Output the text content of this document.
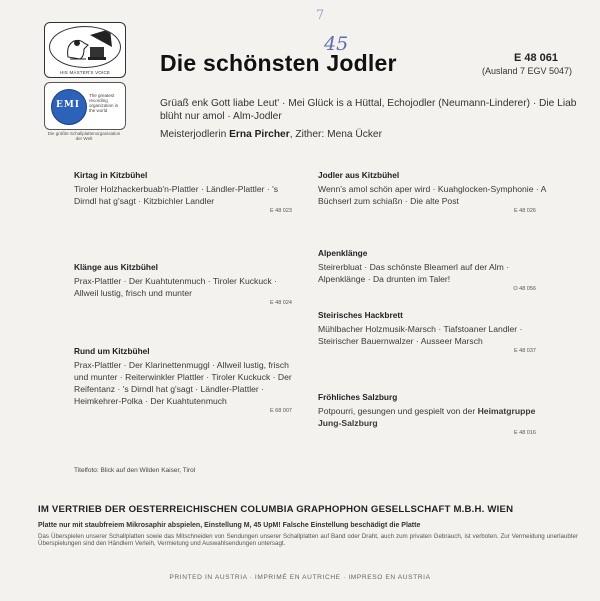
HIS MASTER'S VOICE
EMI
The greatest recording organization in the world
Die größte Schallplattenorganisation der Welt
7
45
Die schönsten Jodler	E 48 061
(Ausland 7 EGV 5047)
Grüaß enk Gott liabe Leut' · Mei Glück is a Hüttal, Echojodler (Neumann-Linderer) · Die Liab blüht nur amol · Alm-Jodler
Meisterjodlerin Erna Pircher, Zither: Mena Ücker
Kirtag in Kitzbühel
Tiroler Holzhackerbuab'n-Plattler · Ländler-Plattler · 's Dirndl hat g'sagt · Kitzbichler Landler
E 48 023
Klänge aus Kitzbühel
Prax-Plattler · Der Kuahtutenmuch · Tiroler Kuckuck · Allweil lustig, frisch und munter
E 48 024
Rund um Kitzbühel
Prax-Plattler · Der Klarinettenmuggl · Allweil lustig, frisch und munter · Reiterwinkler Plattler · Tiroler Kuckuck · Der Reifentanz · 's Dirndl hat g'sagt · Ländler-Plattler · Heimkehrer-Polka · Der Kuahtutenmuch
E 68 007
Jodler aus Kitzbühel
Wenn's amol schön aper wird · Kuahglocken-Symphonie · A Büchserl zum schiaßn · Die alte Post
E 48 026
Alpenklänge
Steirerbluat · Das schönste Bleamerl auf der Alm · Alpenklänge · Da drunten im Taler!
O 48 056
Steirisches Hackbrett
Mühlbacher Holzmusik-Marsch · Tiafstoaner Landler · Steirischer Bauernwalzer · Ausseer Marsch
E 48 037
Fröhliches Salzburg
Potpourri, gesungen und gespielt von der Heimatgruppe Jung-Salzburg
E 48 016
Titelfoto: Blick auf den Wilden Kaiser, Tirol
IM VERTRIEB DER OESTERREICHISCHEN COLUMBIA GRAPHOPHON GESELLSCHAFT M.B.H. WIEN
Platte nur mit staubfreiem Mikrosaphir abspielen, Einstellung M, 45 UpM! Falsche Einstellung beschädigt die Platte
Das Überspielen unserer Schallplatten sowie das Mitschneiden von Sendungen unserer Schallplatten auf Band oder Draht, auch zum privaten Gebrauch, ist verboten. Zur Vermeidung unerlaubter Überspielungen sind den Händlern Verleih, Vermietung und Auswahlsendungen untersagt.
PRINTED IN AUSTRIA · IMPRIMÉ EN AUTRICHE · IMPRESO EN AUSTRIA
